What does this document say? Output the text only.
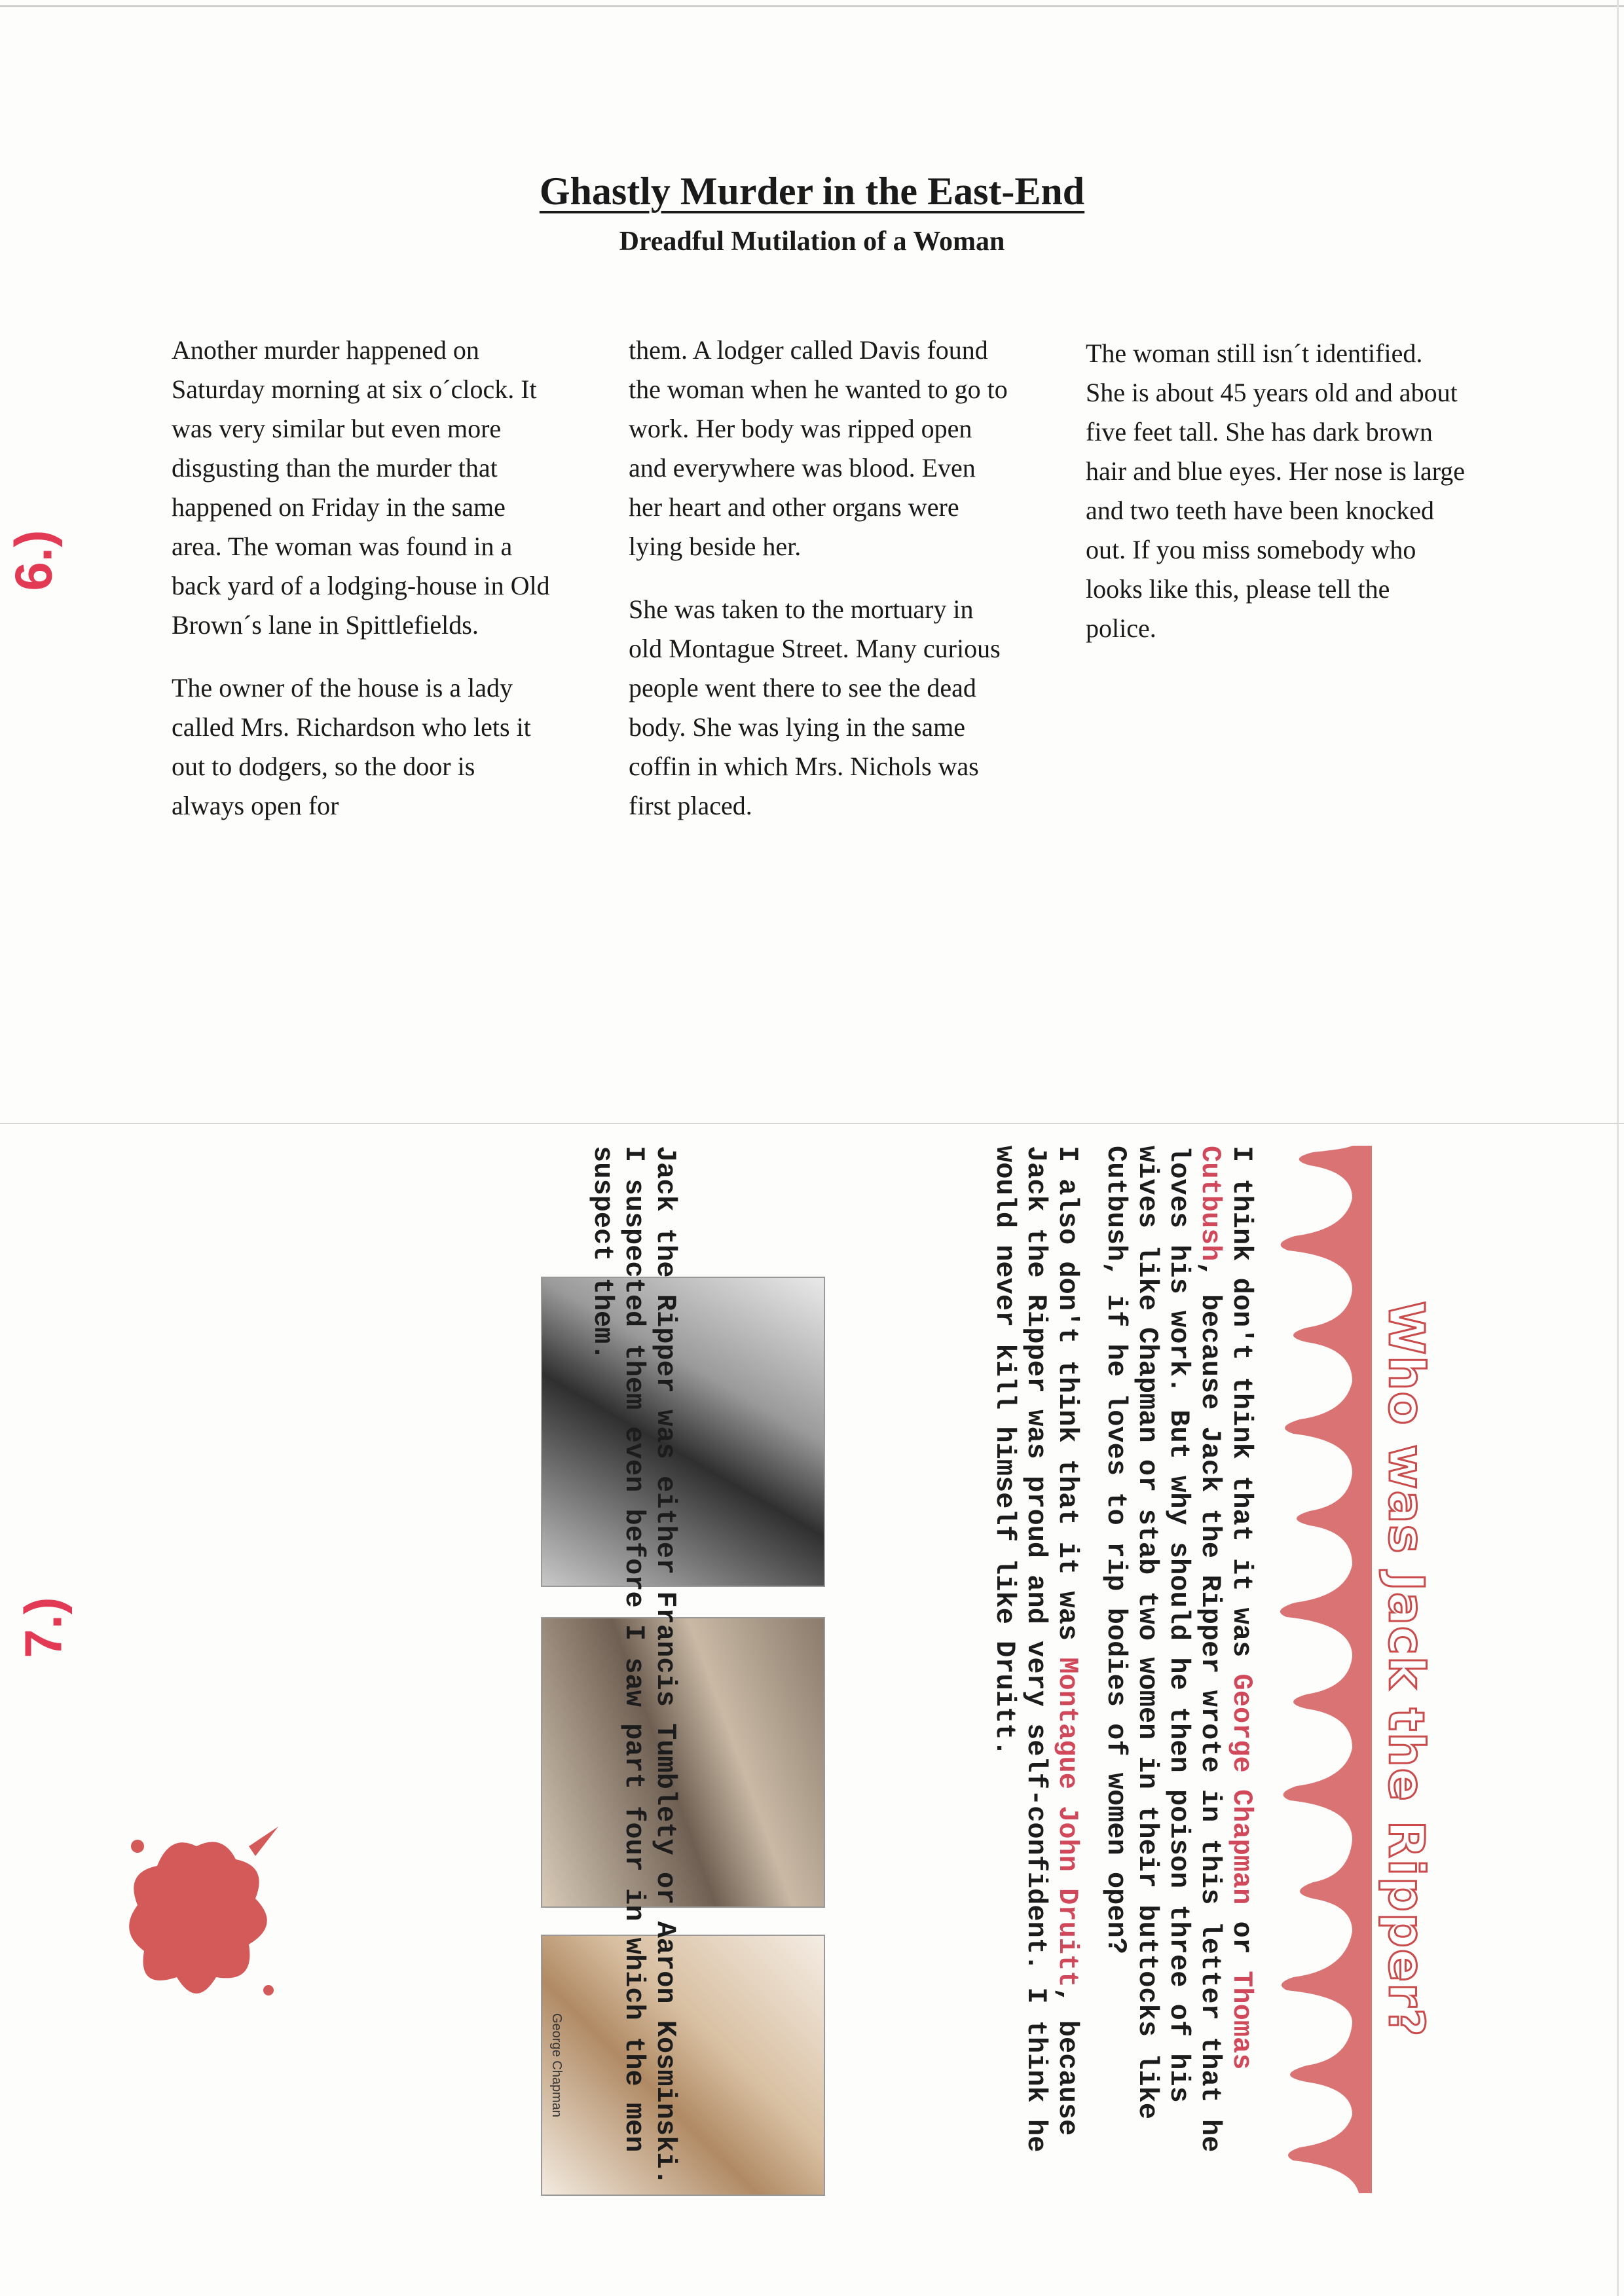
Ghastly Murder in the East-End
Dreadful Mutilation of a Woman

Another murder happened on Saturday morning at six o´clock. It was very similar but even more disgusting than the murder that happened on Friday in the same area. The woman was found in a back yard of a lodging-house in Old Brown´s lane in Spittlefields.

The owner of the house is a lady called Mrs. Richardson who lets it out to dodgers, so the door is always open for

them. A lodger called Davis found the woman when he wanted to go to work. Her body was ripped open and everywhere was blood. Even her heart and other organs were lying beside her.

She was taken to the mortuary in old Montague Street. Many curious people went there to see the dead body. She was lying in the same coffin in which Mrs. Nichols was first placed.

The woman still isn´t identified. She is about 45 years old and about five feet tall. She has dark brown hair and blue eyes. Her nose is large and two teeth have been knocked out. If you miss somebody who looks like this, please tell the police.

6.)
7.)	Who was Jack the Ripper?

I think don't think that it was George Chapman or Thomas Cutbush, because Jack the Ripper wrote in this letter that he loves his work. But why should he then poison three of his wives like Chapman or stab two women in their buttocks like Cutbush, if he loves to rip bodies of women open?

I also don't think that it was Montague John Druitt, because Jack the Ripper was proud and very self-confident. I think he would never kill himself like Druitt.

George Chapman	Jack the Ripper was either Francis Tumblety or Aaron Kosminski. I suspected them even before I saw part four in which the men suspect them.
